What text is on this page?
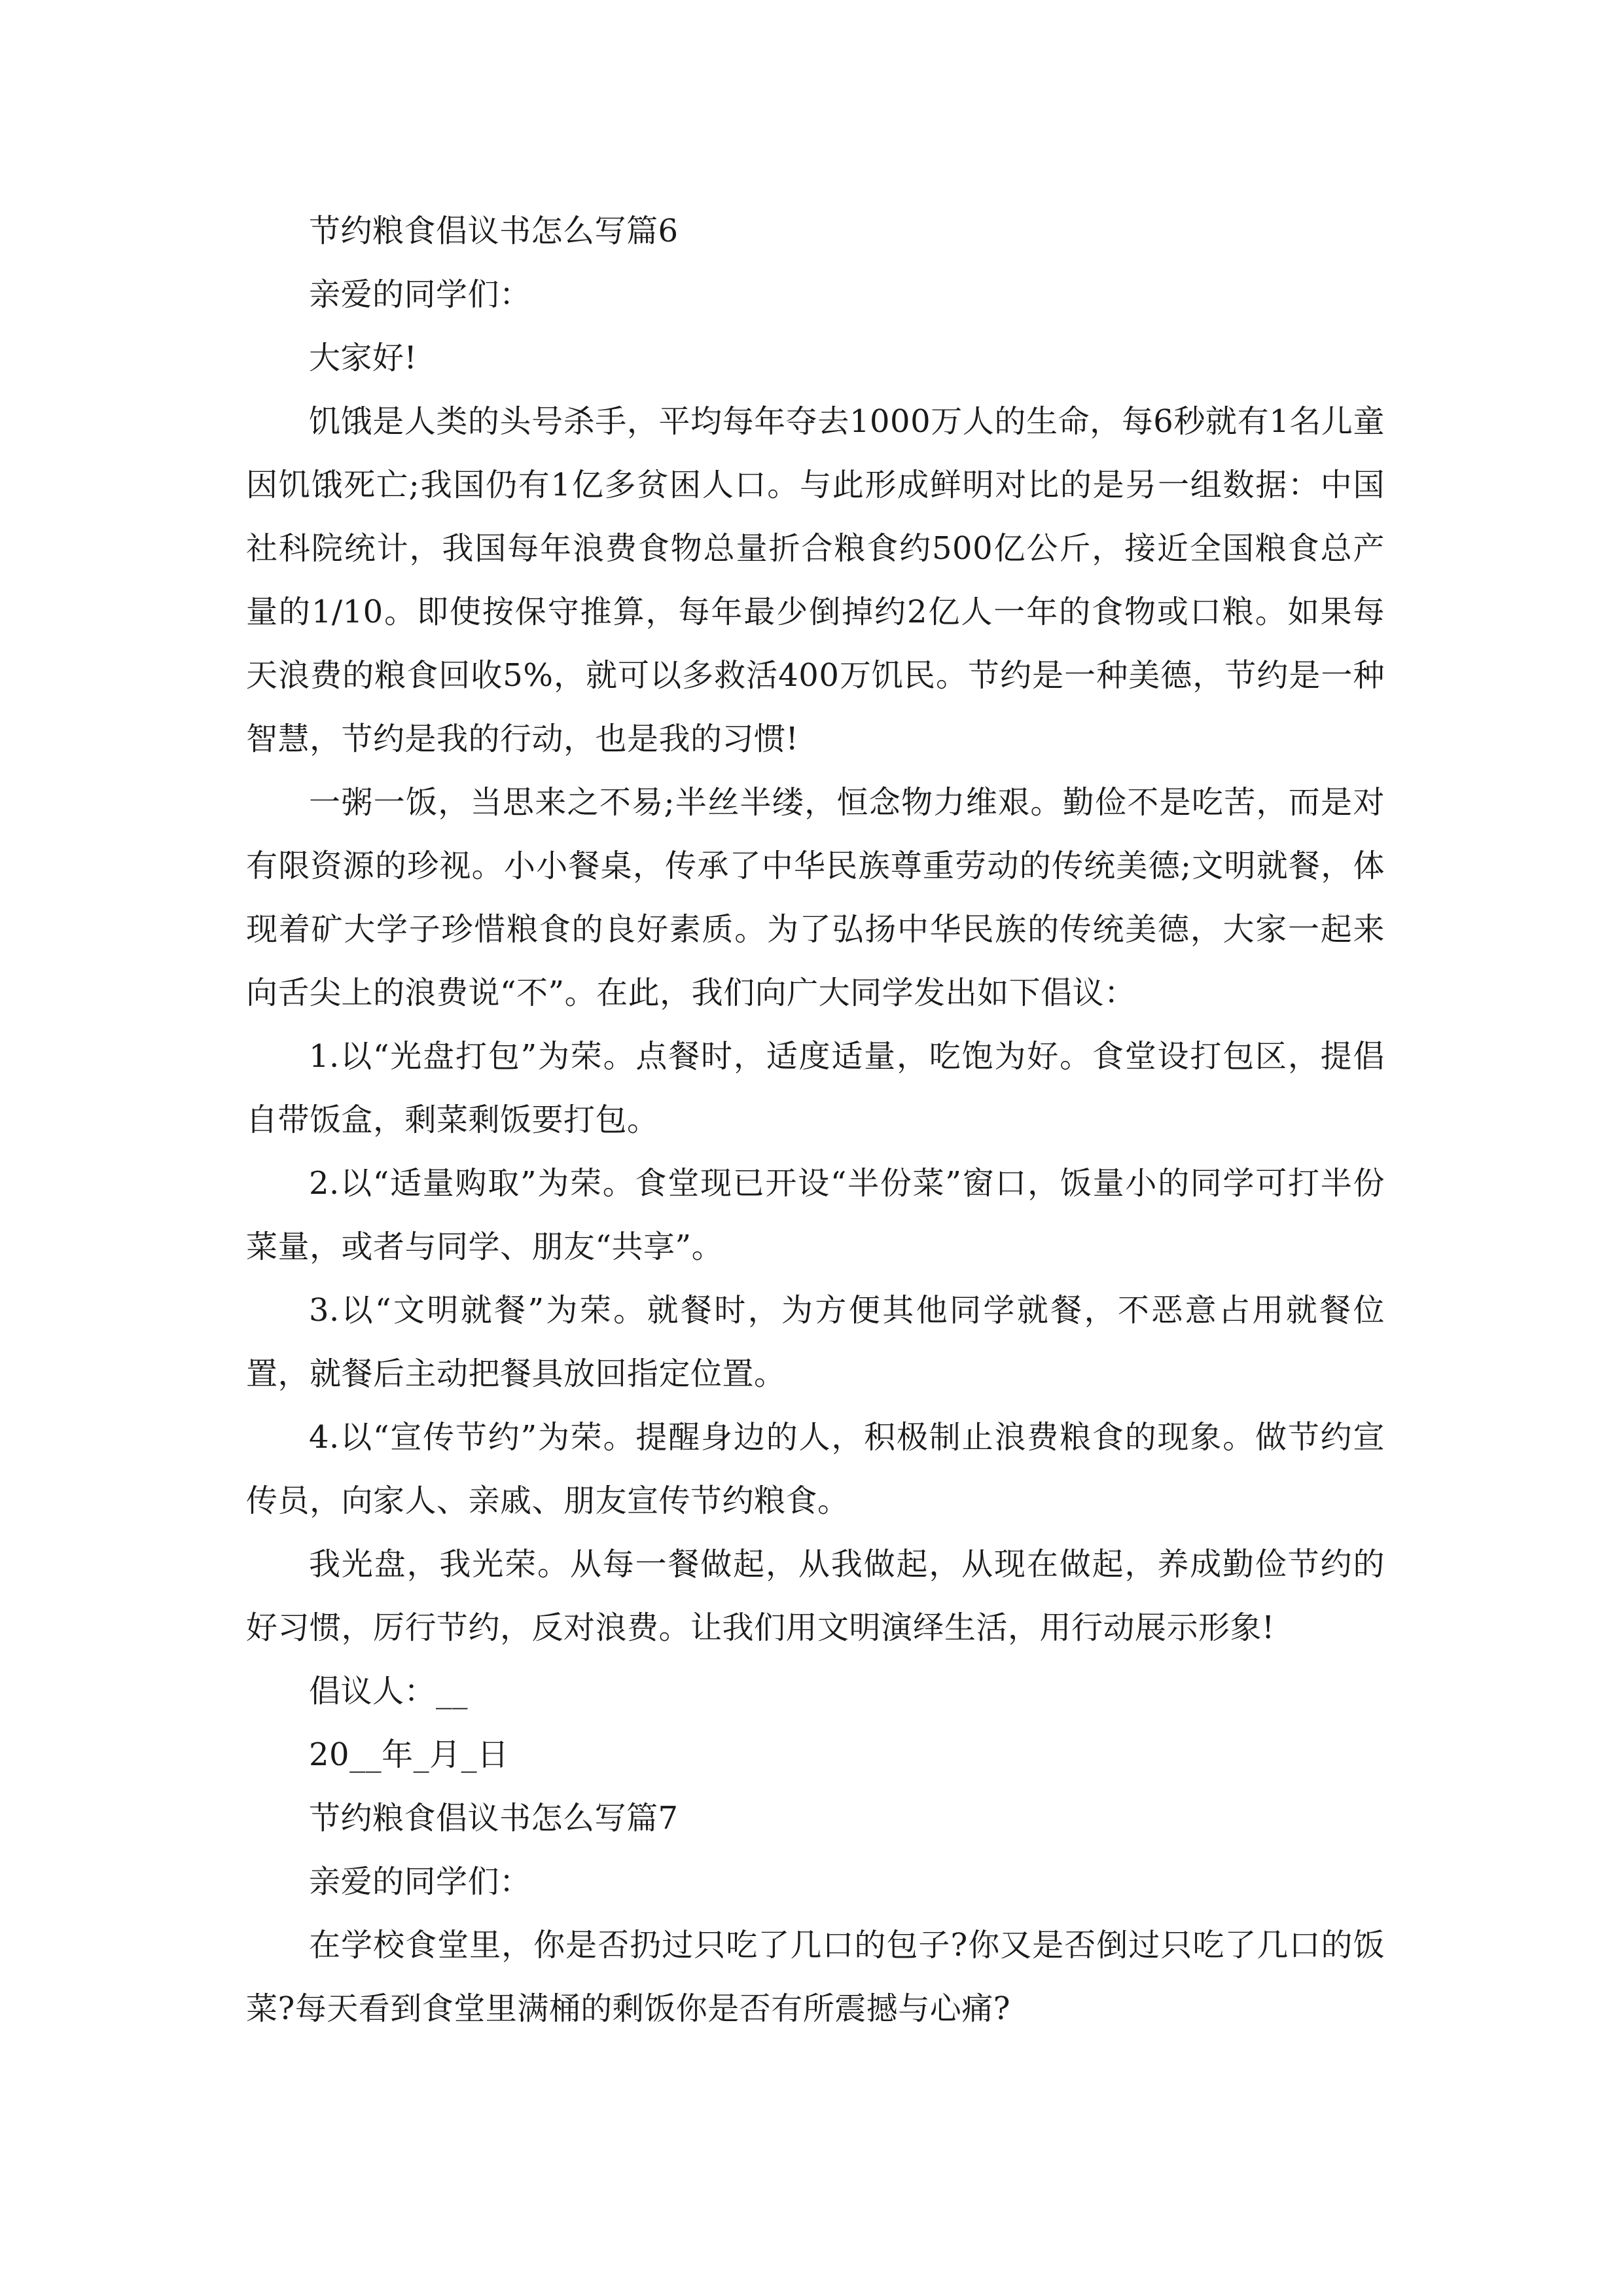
节约粮食倡议书怎么写篇6

亲爱的同学们：

大家好!

饥饿是人类的头号杀手，平均每年夺去1000万人的生命，每6秒就有1名儿童因饥饿死亡;我国仍有1亿多贫困人口。与此形成鲜明对比的是另一组数据：中国社科院统计，我国每年浪费食物总量折合粮食约500亿公斤，接近全国粮食总产量的1/10。即使按保守推算，每年最少倒掉约2亿人一年的食物或口粮。如果每天浪费的粮食回收5%，就可以多救活400万饥民。节约是一种美德，节约是一种智慧，节约是我的行动，也是我的习惯!

一粥一饭，当思来之不易;半丝半缕，恒念物力维艰。勤俭不是吃苦，而是对有限资源的珍视。小小餐桌，传承了中华民族尊重劳动的传统美德;文明就餐，体现着矿大学子珍惜粮食的良好素质。为了弘扬中华民族的传统美德，大家一起来向舌尖上的浪费说“不”。在此，我们向广大同学发出如下倡议：

1.以“光盘打包”为荣。点餐时，适度适量，吃饱为好。食堂设打包区，提倡自带饭盒，剩菜剩饭要打包。

2.以“适量购取”为荣。食堂现已开设“半份菜”窗口，饭量小的同学可打半份菜量，或者与同学、朋友“共享”。

3.以“文明就餐”为荣。就餐时，为方便其他同学就餐，不恶意占用就餐位置，就餐后主动把餐具放回指定位置。

4.以“宣传节约”为荣。提醒身边的人，积极制止浪费粮食的现象。做节约宣传员，向家人、亲戚、朋友宣传节约粮食。

我光盘，我光荣。从每一餐做起，从我做起，从现在做起，养成勤俭节约的好习惯，厉行节约，反对浪费。让我们用文明演绎生活，用行动展示形象!

倡议人：__

20__年_月_日

节约粮食倡议书怎么写篇7

亲爱的同学们：

在学校食堂里，你是否扔过只吃了几口的包子?你又是否倒过只吃了几口的饭菜?每天看到食堂里满桶的剩饭你是否有所震撼与心痛?
